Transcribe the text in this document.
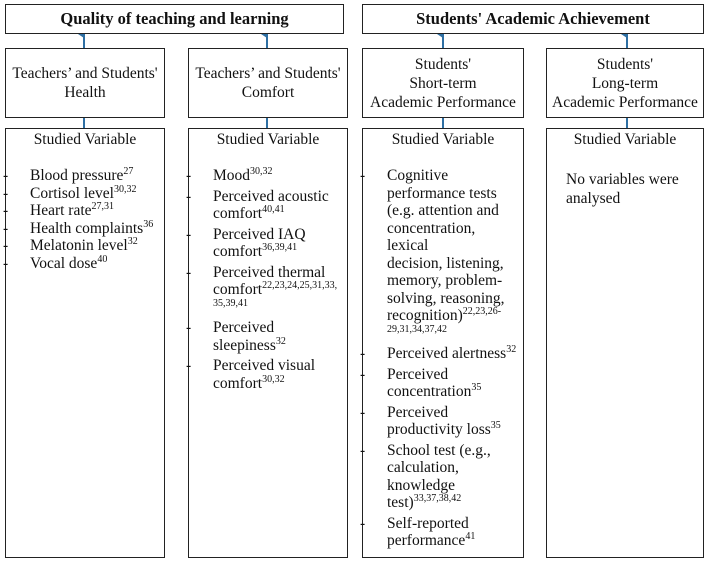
Quality of teaching and learning	Students' Academic Achievement
Teachers’ and Students'
Health
Teachers’ and Students'
Comfort
Students'
Short-term
Academic Performance
Students'
Long-term
Academic Performance
Studied Variable
- Blood pressure$^{27}$
- Cortisol level$^{30,32}$
- Heart rate$^{27,31}$
- Health complaints$^{36}$
- Melatonin level$^{32}$
- Vocal dose$^{40}$
Studied Variable
- Mood$^{30,32}$
- Perceived acoustic
comfort$^{40,41}$
- Perceived IAQ
comfort$^{36,39,41}$
- Perceived thermal
comfort$^{22,23,24,25,31,33,}$
$^{35,39,41}$
- Perceived
sleepiness$^{32}$
- Perceived visual
comfort$^{30,32}$
Studied Variable
- Cognitive
performance tests
(e.g. attention and
concentration, lexical
decision, listening,
memory, problem-
solving, reasoning,
recognition)$^{22,23,26-}$
$^{29,31,34,37,42}$
- Perceived alertness$^{32}$
- Perceived
concentration$^{35}$
- Perceived
productivity loss$^{35}$
- School test (e.g.,
calculation,
knowledge
test)$^{33,37,38,42}$
- Self-reported
performance$^{41}$
Studied Variable
No variables were
analysed
